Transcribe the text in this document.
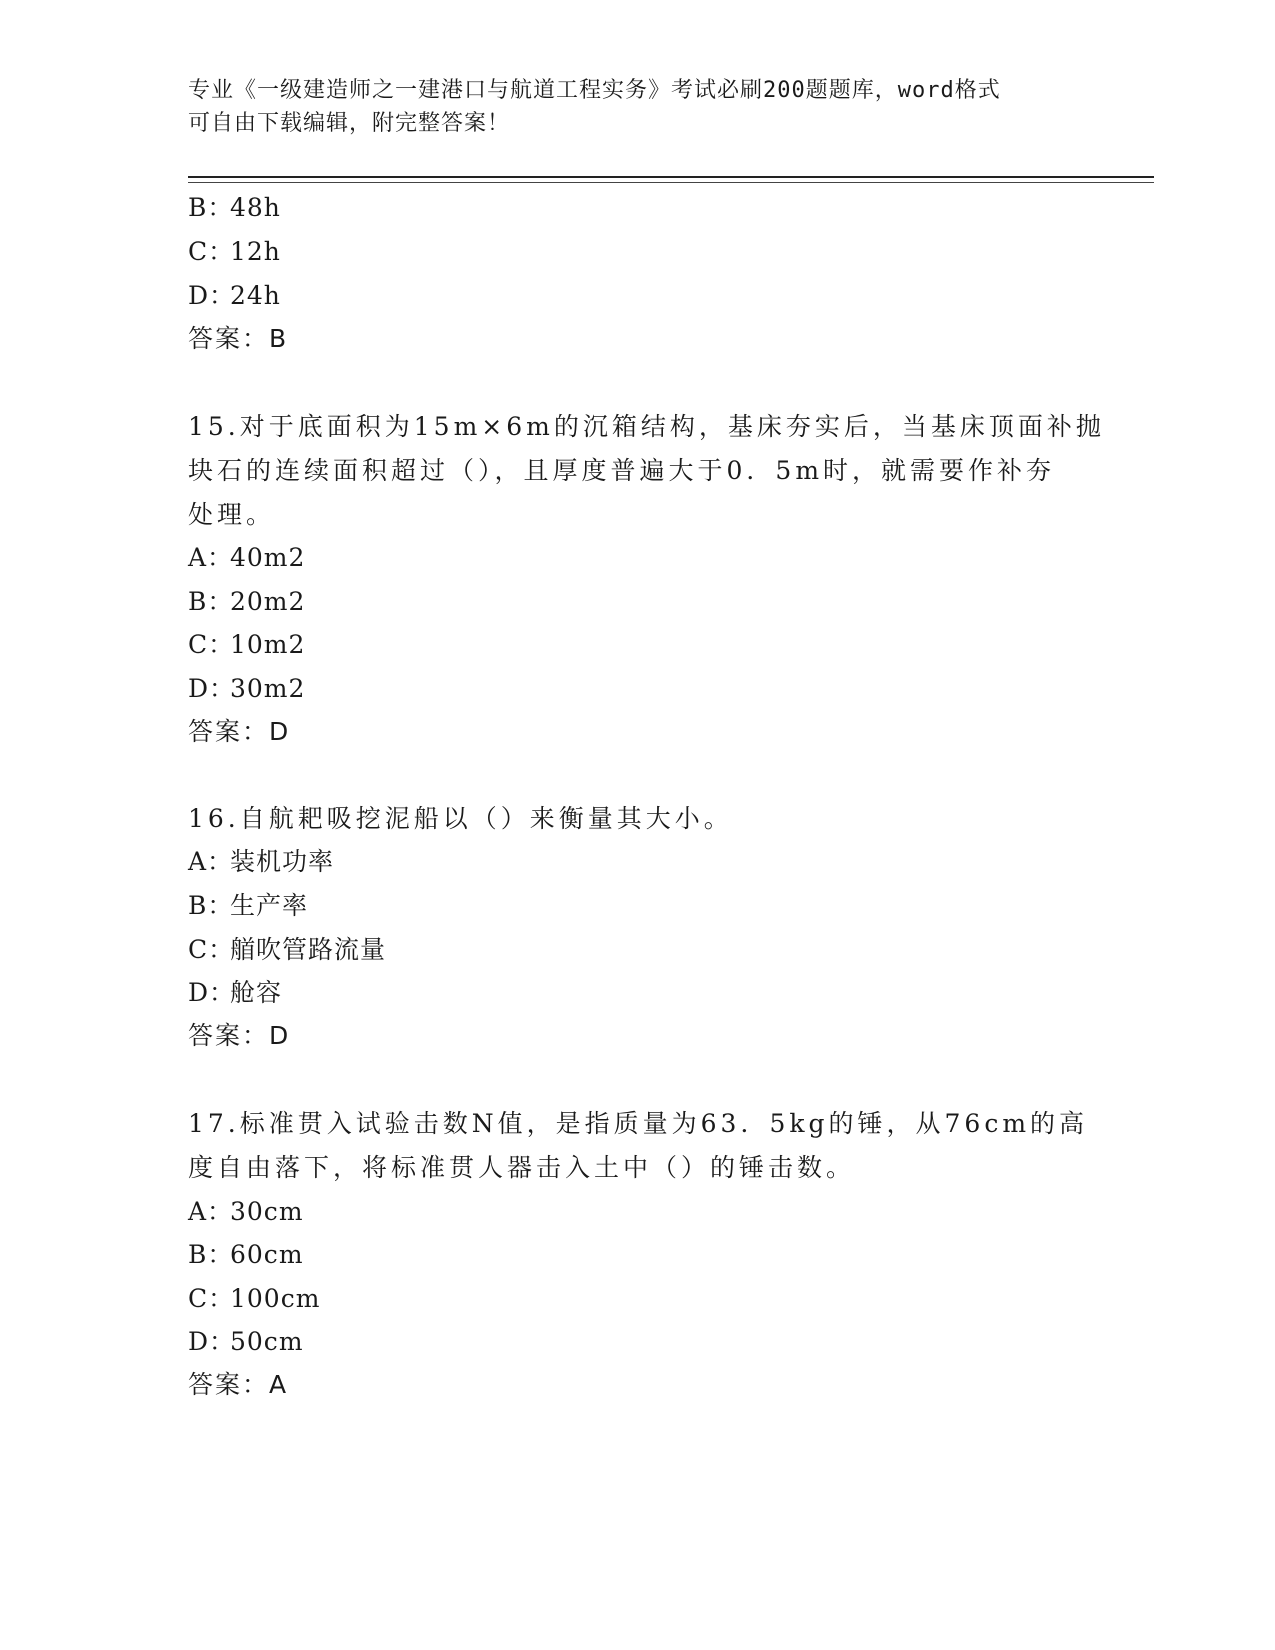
专业《一级建造师之一建港口与航道工程实务》考试必刷200题题库，word格式
可自由下载编辑，附完整答案！
B：48h
C：12h
D：24h
答案：B
15.对于底面积为15m×6m的沉箱结构，基床夯实后，当基床顶面补抛
块石的连续面积超过（），且厚度普遍大于0．5m时，就需要作补夯
处理。
A：40m2
B：20m2
C：10m2
D：30m2
答案：D
16.自航耙吸挖泥船以（）来衡量其大小。
A：装机功率
B：生产率
C：艏吹管路流量
D：舱容
答案：D
17.标准贯入试验击数N值，是指质量为63．5kg的锤，从76cm的高
度自由落下，将标准贯人器击入土中（）的锤击数。
A：30cm
B：60cm
C：100cm
D：50cm
答案：A
